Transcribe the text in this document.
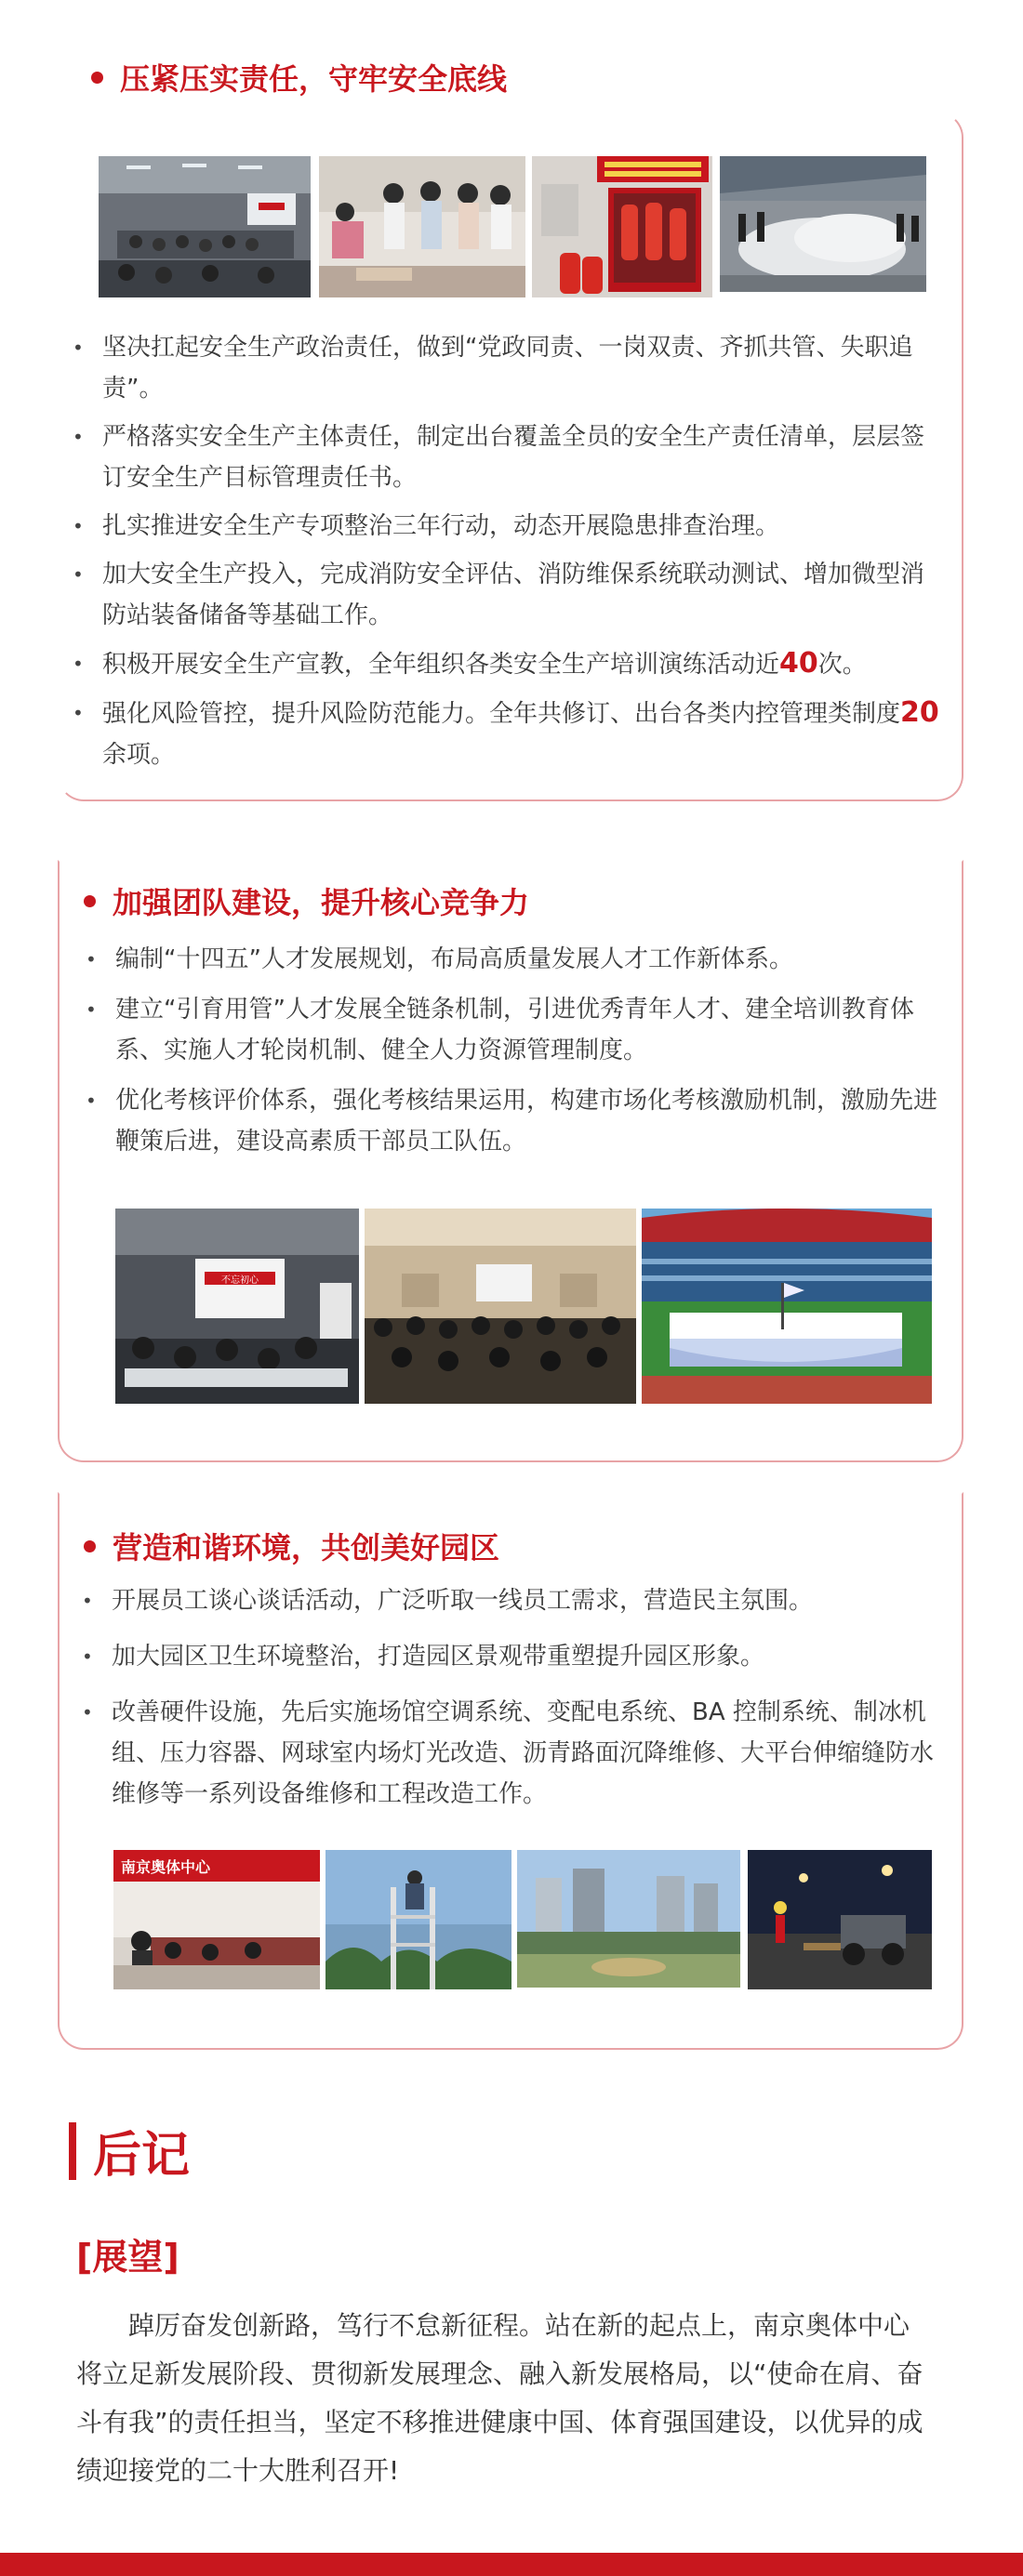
压紧压实责任，守牢安全底线
• 坚决扛起安全生产政治责任，做到“党政同责、一岗双责、齐抓共管、失职追责”。
• 严格落实安全生产主体责任，制定出台覆盖全员的安全生产责任清单，层层签订安全生产目标管理责任书。
• 扎实推进安全生产专项整治三年行动，动态开展隐患排查治理。
• 加大安全生产投入，完成消防安全评估、消防维保系统联动测试、增加微型消防站装备储备等基础工作。
• 积极开展安全生产宣教，全年组织各类安全生产培训演练活动近40次。
• 强化风险管控，提升风险防范能力。全年共修订、出台各类内控管理类制度20余项。
加强团队建设，提升核心竞争力
• 编制“十四五”人才发展规划，布局高质量发展人才工作新体系。
• 建立“引育用管”人才发展全链条机制，引进优秀青年人才、建全培训教育体系、实施人才轮岗机制、健全人力资源管理制度。
• 优化考核评价体系，强化考核结果运用，构建市场化考核激励机制，激励先进鞭策后进，建设高素质干部员工队伍。
不忘初心
营造和谐环境，共创美好园区
• 开展员工谈心谈话活动，广泛听取一线员工需求，营造民主氛围。
• 加大园区卫生环境整治，打造园区景观带重塑提升园区形象。
• 改善硬件设施，先后实施场馆空调系统、变配电系统、BA 控制系统、制冰机组、压力容器、网球室内场灯光改造、沥青路面沉降维修、大平台伸缩缝防水维修等一系列设备维修和工程改造工作。
南京奥体中心
后记
[展望]

踔厉奋发创新路，笃行不怠新征程。站在新的起点上，南京奥体中心将立足新发展阶段、贯彻新发展理念、融入新发展格局，以“使命在肩、奋斗有我”的责任担当，坚定不移推进健康中国、体育强国建设，以优异的成绩迎接党的二十大胜利召开!
